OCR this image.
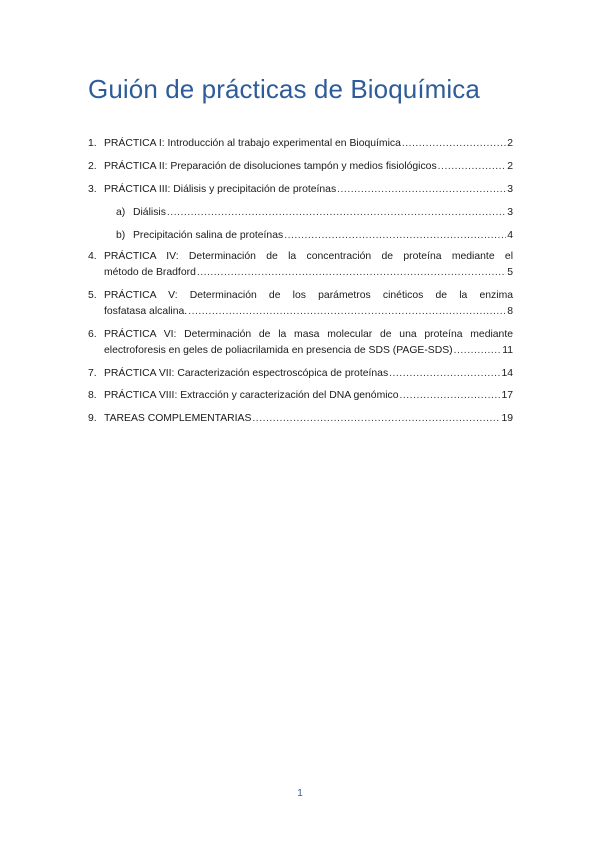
Guión de prácticas de Bioquímica
1. PRÁCTICA I: Introducción al trabajo experimental en Bioquímica .....	2
2. PRÁCTICA II: Preparación de disoluciones tampón y medios fisiológicos .....	2
3. PRÁCTICA III: Diálisis y precipitación de proteínas .....	3
a) Diálisis .....	3
b) Precipitación salina de proteínas .....	4
4. PRÁCTICA IV: Determinación de la concentración de proteína mediante el
método de Bradford .....	5
5. PRÁCTICA V: Determinación de los parámetros cinéticos de la enzima
fosfatasa alcalina. .....	8
6. PRÁCTICA VI: Determinación de la masa molecular de una proteína mediante
electroforesis en geles de poliacrilamida en presencia de SDS (PAGE-SDS) .....	11
7. PRÁCTICA VII: Caracterización espectroscópica de proteínas .....	14
8. PRÁCTICA VIII: Extracción y caracterización del DNA genómico .....	17
9. TAREAS COMPLEMENTARIAS .....	19
1
